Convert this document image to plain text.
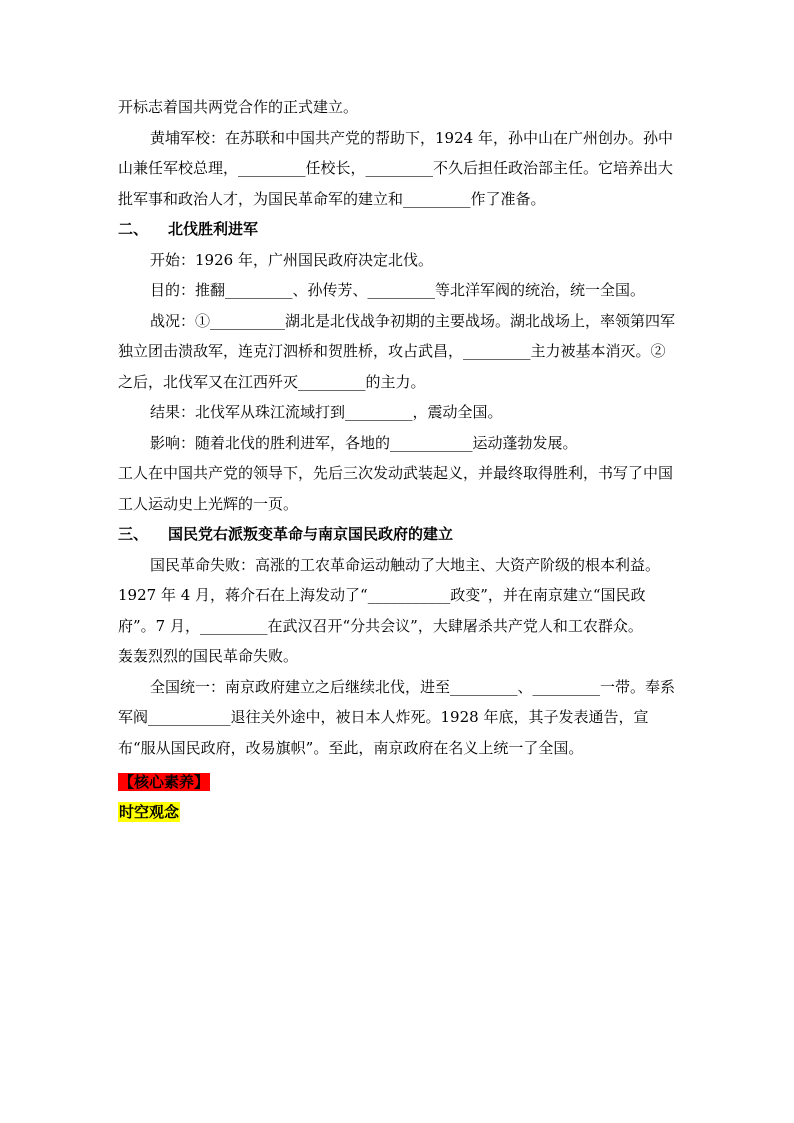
开标志着国共两党合作的正式建立。

黄埔军校：在苏联和中国共产党的帮助下，1924 年，孙中山在广州创办。孙中山兼任军校总理，_________任校长，_________不久后担任政治部主任。它培养出大批军事和政治人才，为国民革命军的建立和_________作了准备。

二、 北伐胜利进军

开始：1926 年，广州国民政府决定北伐。

目的：推翻_________、孙传芳、_________等北洋军阀的统治，统一全国。

战况：①__________湖北是北伐战争初期的主要战场。湖北战场上，率领第四军独立团击溃敌军，连克汀泗桥和贺胜桥，攻占武昌，_________主力被基本消灭。②之后，北伐军又在江西歼灭_________的主力。

结果：北伐军从珠江流域打到_________，震动全国。

影响：随着北伐的胜利进军，各地的___________运动蓬勃发展。

工人在中国共产党的领导下，先后三次发动武装起义，并最终取得胜利，书写了中国工人运动史上光辉的一页。

三、 国民党右派叛变革命与南京国民政府的建立

国民革命失败：高涨的工农革命运动触动了大地主、大资产阶级的根本利益。1927 年 4 月，蒋介石在上海发动了“___________政变”，并在南京建立“国民政府”。7 月，_________在武汉召开“分共会议”，大肆屠杀共产党人和工农群众。

轰轰烈烈的国民革命失败。

全国统一：南京政府建立之后继续北伐，进至_________、_________一带。奉系军阀___________退往关外途中，被日本人炸死。1928 年底，其子发表通告，宣布“服从国民政府，改易旗帜”。至此，南京政府在名义上统一了全国。

【核心素养】

时空观念
